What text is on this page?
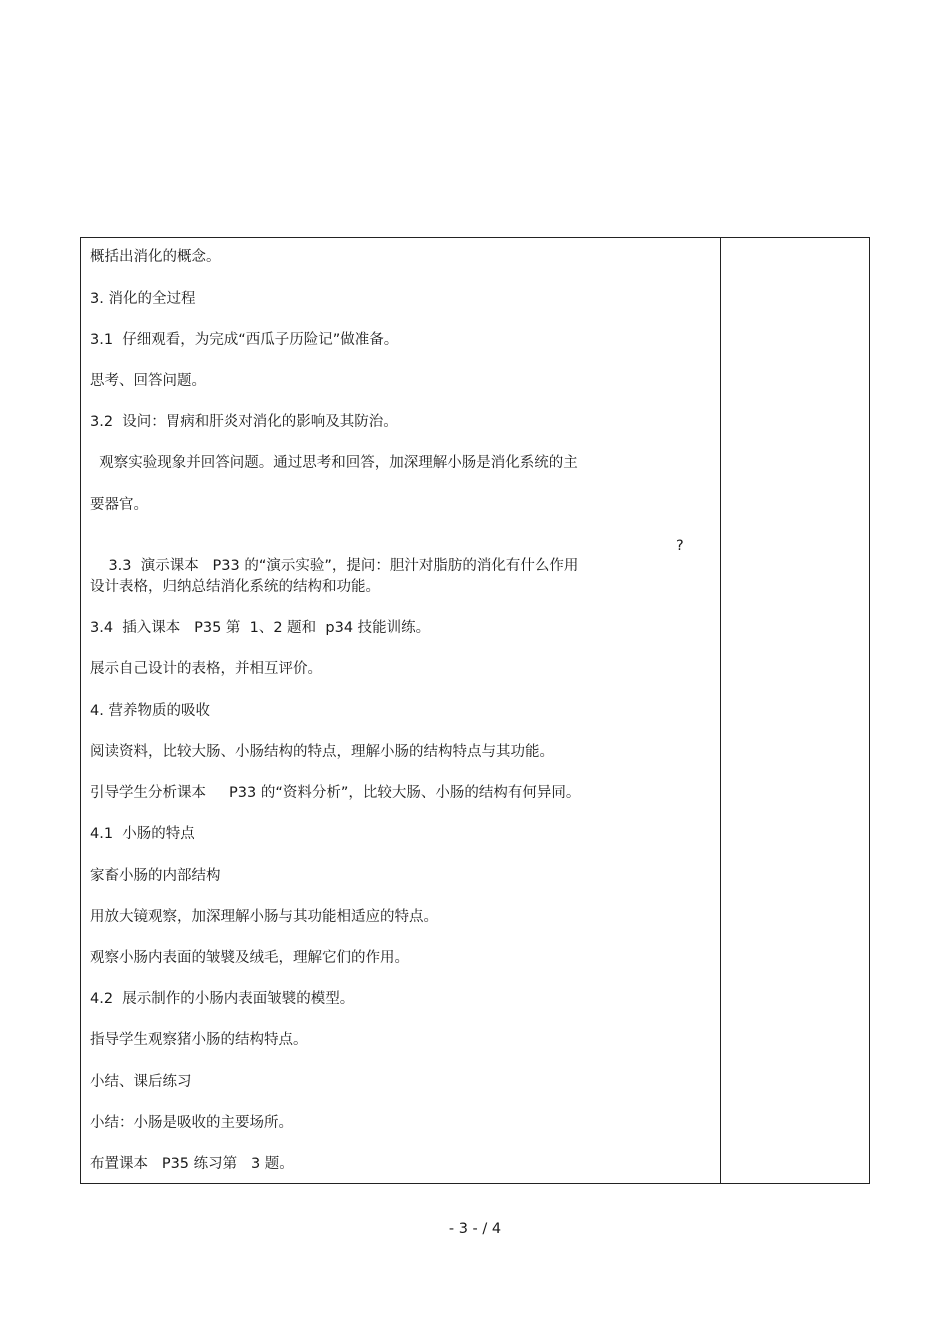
概括出消化的概念。
3. 消化的全过程
3.1  仔细观看，为完成“西瓜子历险记”做准备。
思考、回答问题。
3.2  设问：胃病和肝炎对消化的影响及其防治。
观察实验现象并回答问题。通过思考和回答，加深理解小肠是消化系统的主
要器官。

3.3  演示课本   P33 的“演示实验”，提问：胆汁对脂肪的消化有什么作用

?

设计表格，归纳总结消化系统的结构和功能。
3.4  插入课本   P35 第  1、2 题和  p34 技能训练。
展示自己设计的表格，并相互评价。
4. 营养物质的吸收
阅读资料，比较大肠、小肠结构的特点，理解小肠的结构特点与其功能。
引导学生分析课本     P33 的“资料分析”，比较大肠、小肠的结构有何异同。
4.1  小肠的特点
家畜小肠的内部结构
用放大镜观察，加深理解小肠与其功能相适应的特点。
观察小肠内表面的皱襞及绒毛，理解它们的作用。
4.2  展示制作的小肠内表面皱襞的模型。
指导学生观察猪小肠的结构特点。
小结、课后练习
小结：小肠是吸收的主要场所。
布置课本   P35 练习第   3 题。
- 3 - / 4
